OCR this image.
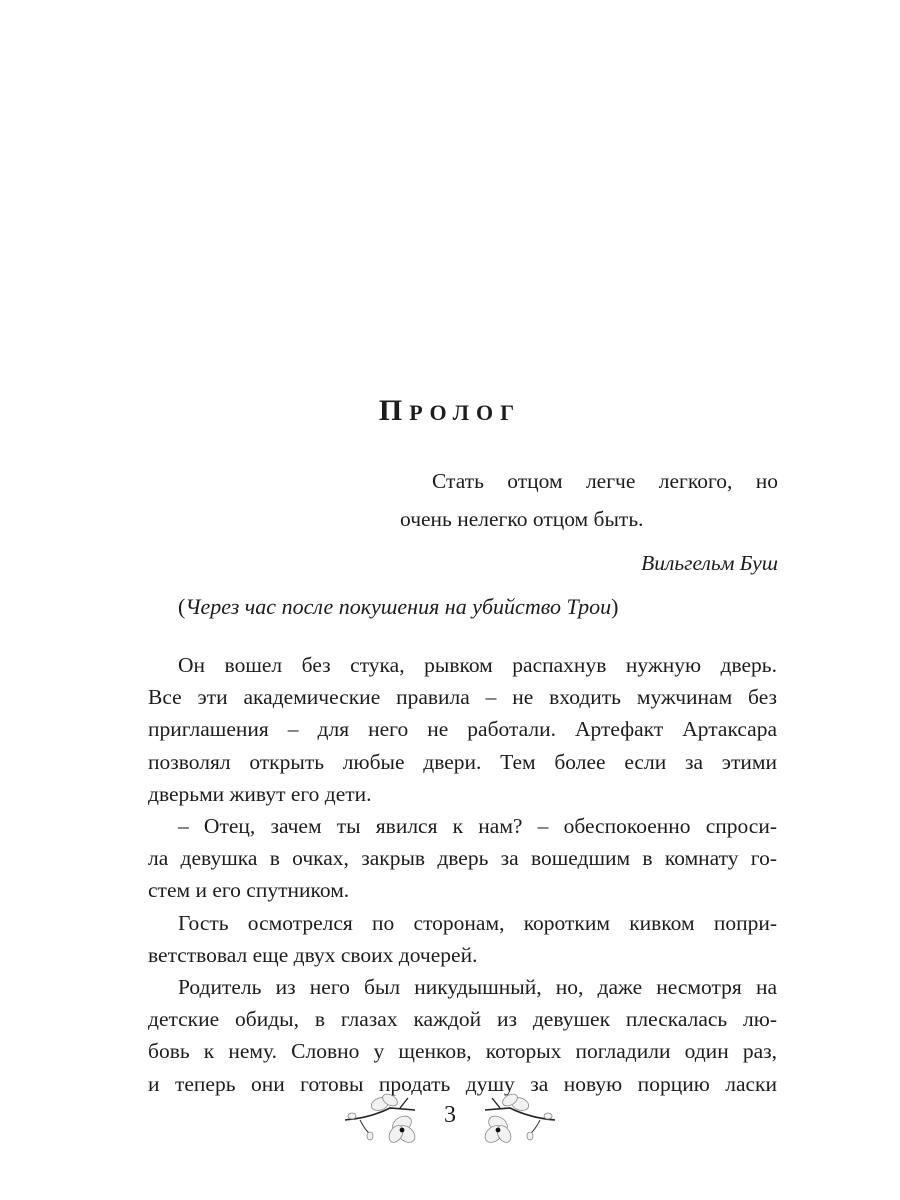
ПРОЛОГ
Стать отцом легче легкого, но
очень нелегко отцом быть.
Вильгельм Буш
(Через час после покушения на убийство Трои)
Он вошел без стука, рывком распахнув нужную дверь.
Все эти академические правила – не входить мужчинам без
приглашения – для него не работали. Артефакт Артаксара
позволял открыть любые двери. Тем более если за этими
дверьми живут его дети.
– Отец, зачем ты явился к нам? – обеспокоенно спроси-
ла девушка в очках, закрыв дверь за вошедшим в комнату го-
стем и его спутником.
Гость осмотрелся по сторонам, коротким кивком попри-
ветствовал еще двух своих дочерей.
Родитель из него был никудышный, но, даже несмотря на
детские обиды, в глазах каждой из девушек плескалась лю-
бовь к нему. Словно у щенков, которых погладили один раз,
и теперь они готовы продать душу за новую порцию ласки
3
